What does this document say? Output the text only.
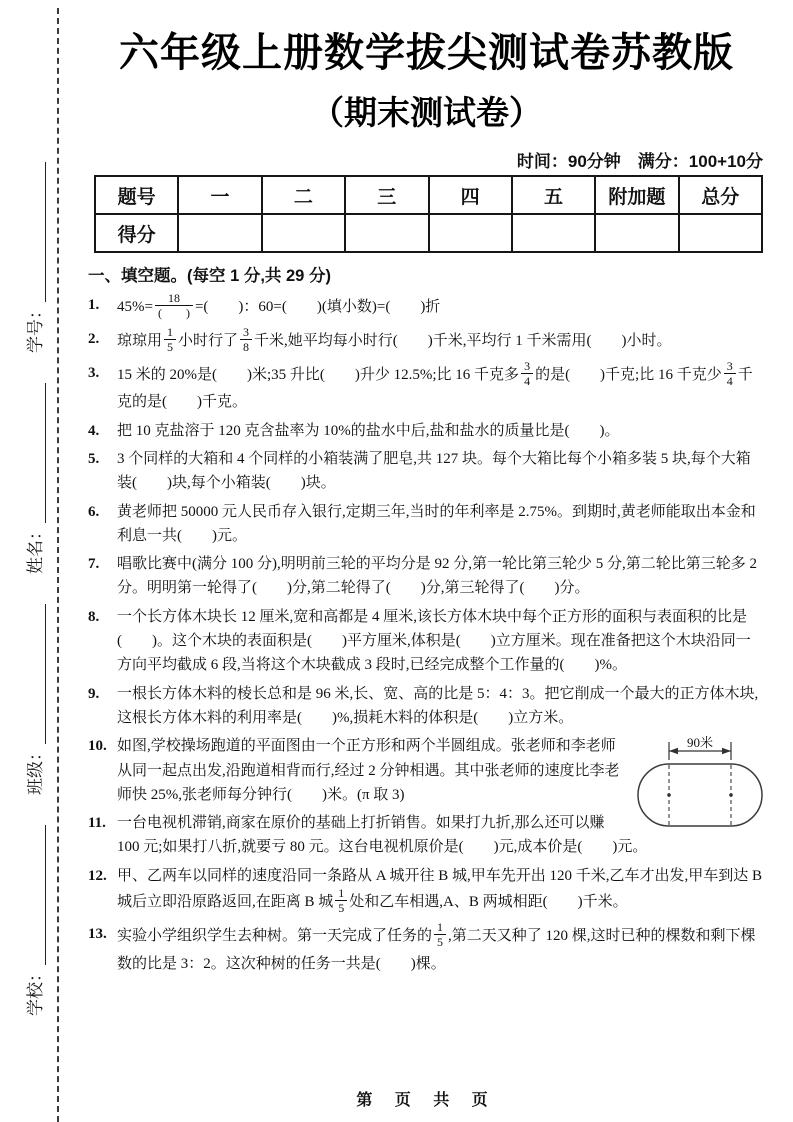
学校：
班级：
姓名：
学号：
六年级上册数学拔尖测试卷苏教版
（期末测试卷）
时间：90分钟　满分：100+10分
题号	一	二	三	四	五	附加题	总分
得分							
一、填空题。(每空 1 分,共 29 分)
1. $45\%= \frac{18}{( )}$ =(　　)：60=(　　)(填小数)=(　　)折
2. 琼琼用 $\frac{1}{5}$ 小时行了 $\frac{3}{8}$ 千米,她平均每小时行(　　)千米,平均行 1 千米需用(　　)小时。
3. 15 米的 20%是(　　)米;35 升比(　　)升少 12.5%;比 16 千克多 $\frac{3}{4}$ 的是(　　)千克;比 16 千克少 $\frac{3}{4}$ 千克的是(　　)千克。
4. 把 10 克盐溶于 120 克含盐率为 10%的盐水中后,盐和盐水的质量比是(　　)。
5. 3 个同样的大箱和 4 个同样的小箱装满了肥皂,共 127 块。每个大箱比每个小箱多装 5 块,每个大箱装(　　)块,每个小箱装(　　)块。
6. 黄老师把 50000 元人民币存入银行,定期三年,当时的年利率是 2.75%。到期时,黄老师能取出本金和利息一共(　　)元。
7. 唱歌比赛中(满分 100 分),明明前三轮的平均分是 92 分,第一轮比第三轮少 5 分,第二轮比第三轮多 2 分。明明第一轮得了(　　)分,第二轮得了(　　)分,第三轮得了(　　)分。
8. 一个长方体木块长 12 厘米,宽和高都是 4 厘米,该长方体木块中每个正方形的面积与表面积的比是(　　)。这个木块的表面积是(　　)平方厘米,体积是(　　)立方厘米。现在准备把这个木块沿同一方向平均截成 6 段,当将这个木块截成 3 段时,已经完成整个工作量的(　　)%。
9. 一根长方体木料的棱长总和是 96 米,长、宽、高的比是 5：4：3。把它削成一个最大的正方体木块,这根长方体木料的利用率是(　　)%,损耗木料的体积是(　　)立方米。
10.	90米
如图,学校操场跑道的平面图由一个正方形和两个半圆组成。张老师和李老师从同一起点出发,沿跑道相背而行,经过 2 分钟相遇。其中张老师的速度比李老师快 25%,张老师每分钟行(　　)米。(π 取 3)
11. 一台电视机滞销,商家在原价的基础上打折销售。如果打九折,那么还可以赚 100 元;如果打八折,就要亏 80 元。这台电视机原价是(　　)元,成本价是(　　)元。
12. 甲、乙两车以同样的速度沿同一条路从 A 城开往 B 城,甲车先开出 120 千米,乙车才出发,甲车到达 B 城后立即沿原路返回,在距离 B 城 $\frac{1}{5}$ 处和乙车相遇,A、B 两城相距(　　)千米。
13. 实验小学组织学生去种树。第一天完成了任务的 $\frac{1}{5}$ ,第二天又种了 120 棵,这时已种的棵数和剩下棵数的比是 3：2。这次种树的任务一共是(　　)棵。
第 页 共 页
